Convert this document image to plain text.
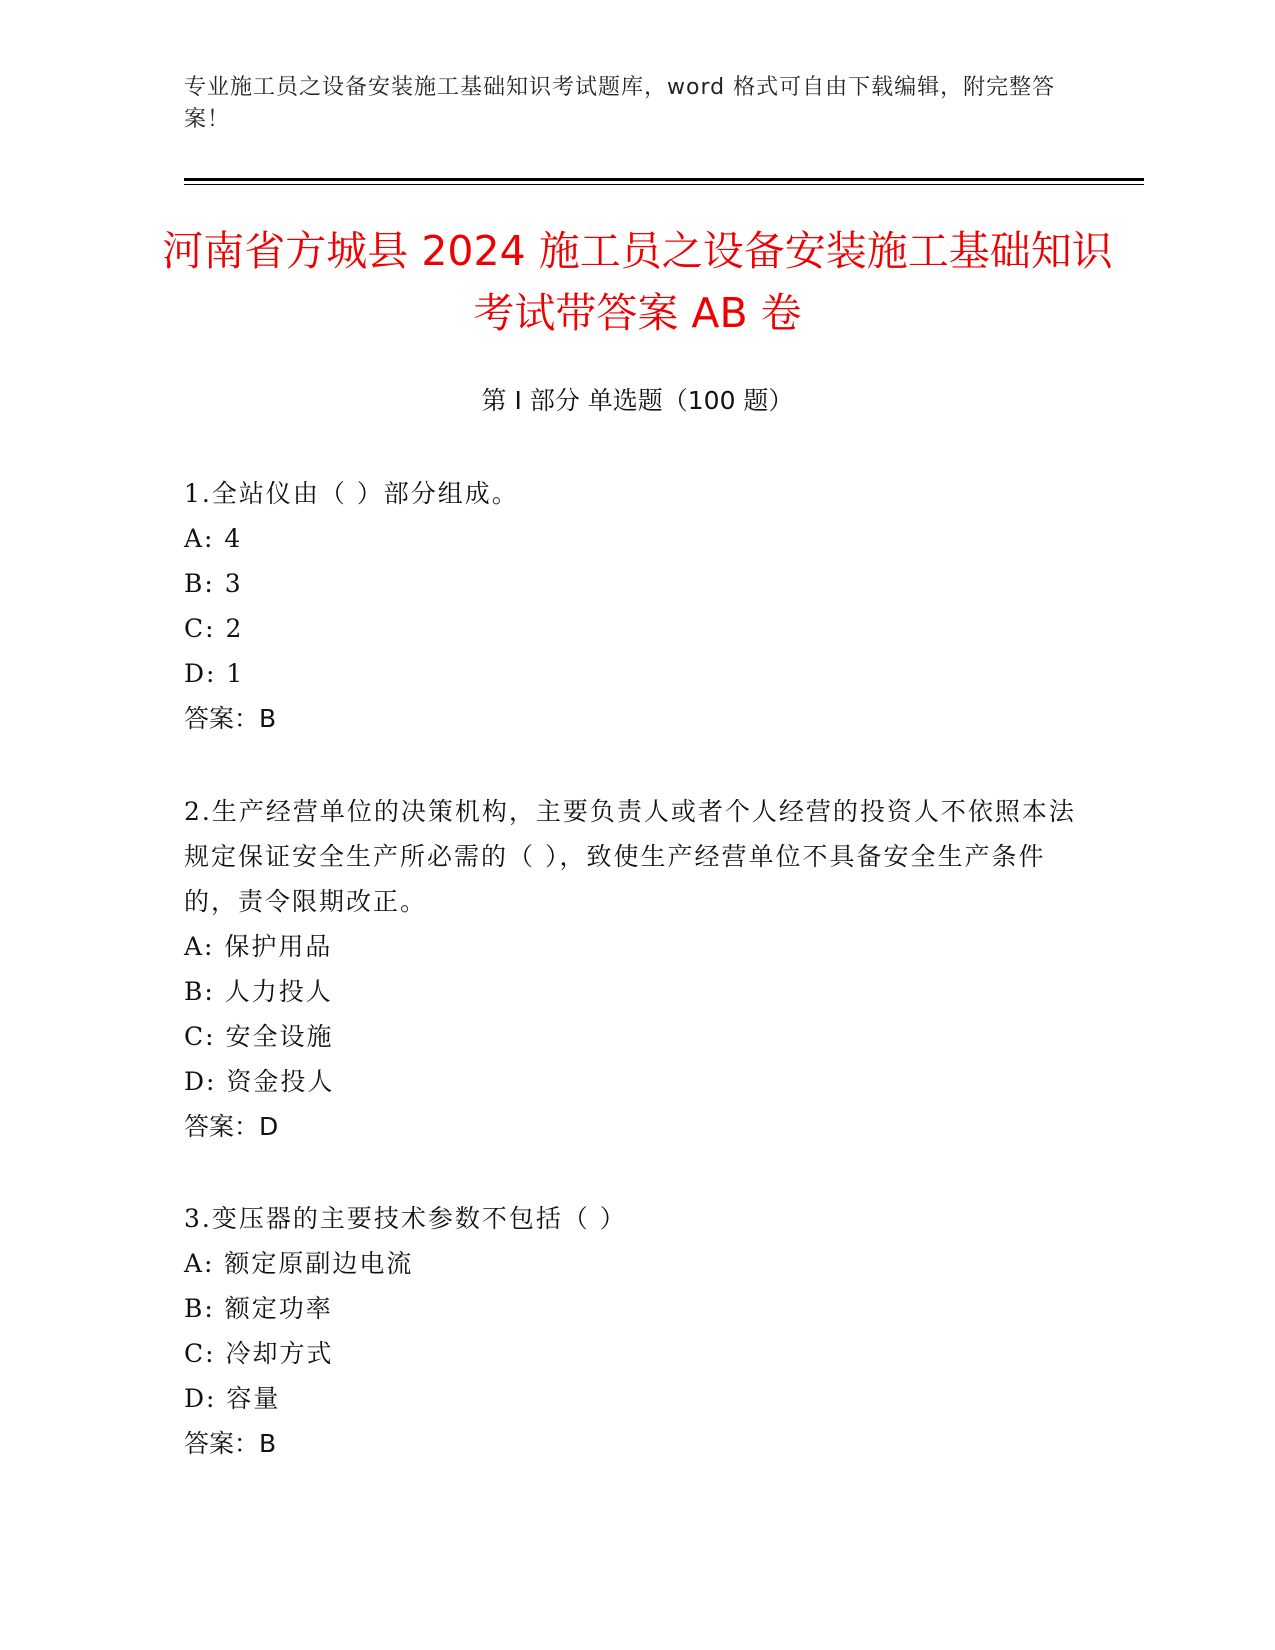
专业施工员之设备安装施工基础知识考试题库，word 格式可自由下载编辑，附完整答案！
河南省方城县 2024 施工员之设备安装施工基础知识考试带答案 AB 卷
第 I 部分 单选题（100 题）

1.全站仪由（ ）部分组成。

A: 4

B: 3

C: 2

D: 1

答案：B

2.生产经营单位的决策机构，主要负责人或者个人经营的投资人不依照本法规定保证安全生产所必需的（ ），致使生产经营单位不具备安全生产条件的，责令限期改正。

A: 保护用品

B: 人力投人

C: 安全设施

D: 资金投人

答案：D

3.变压器的主要技术参数不包括（ ）

A: 额定原副边电流

B: 额定功率

C: 冷却方式

D: 容量

答案：B
